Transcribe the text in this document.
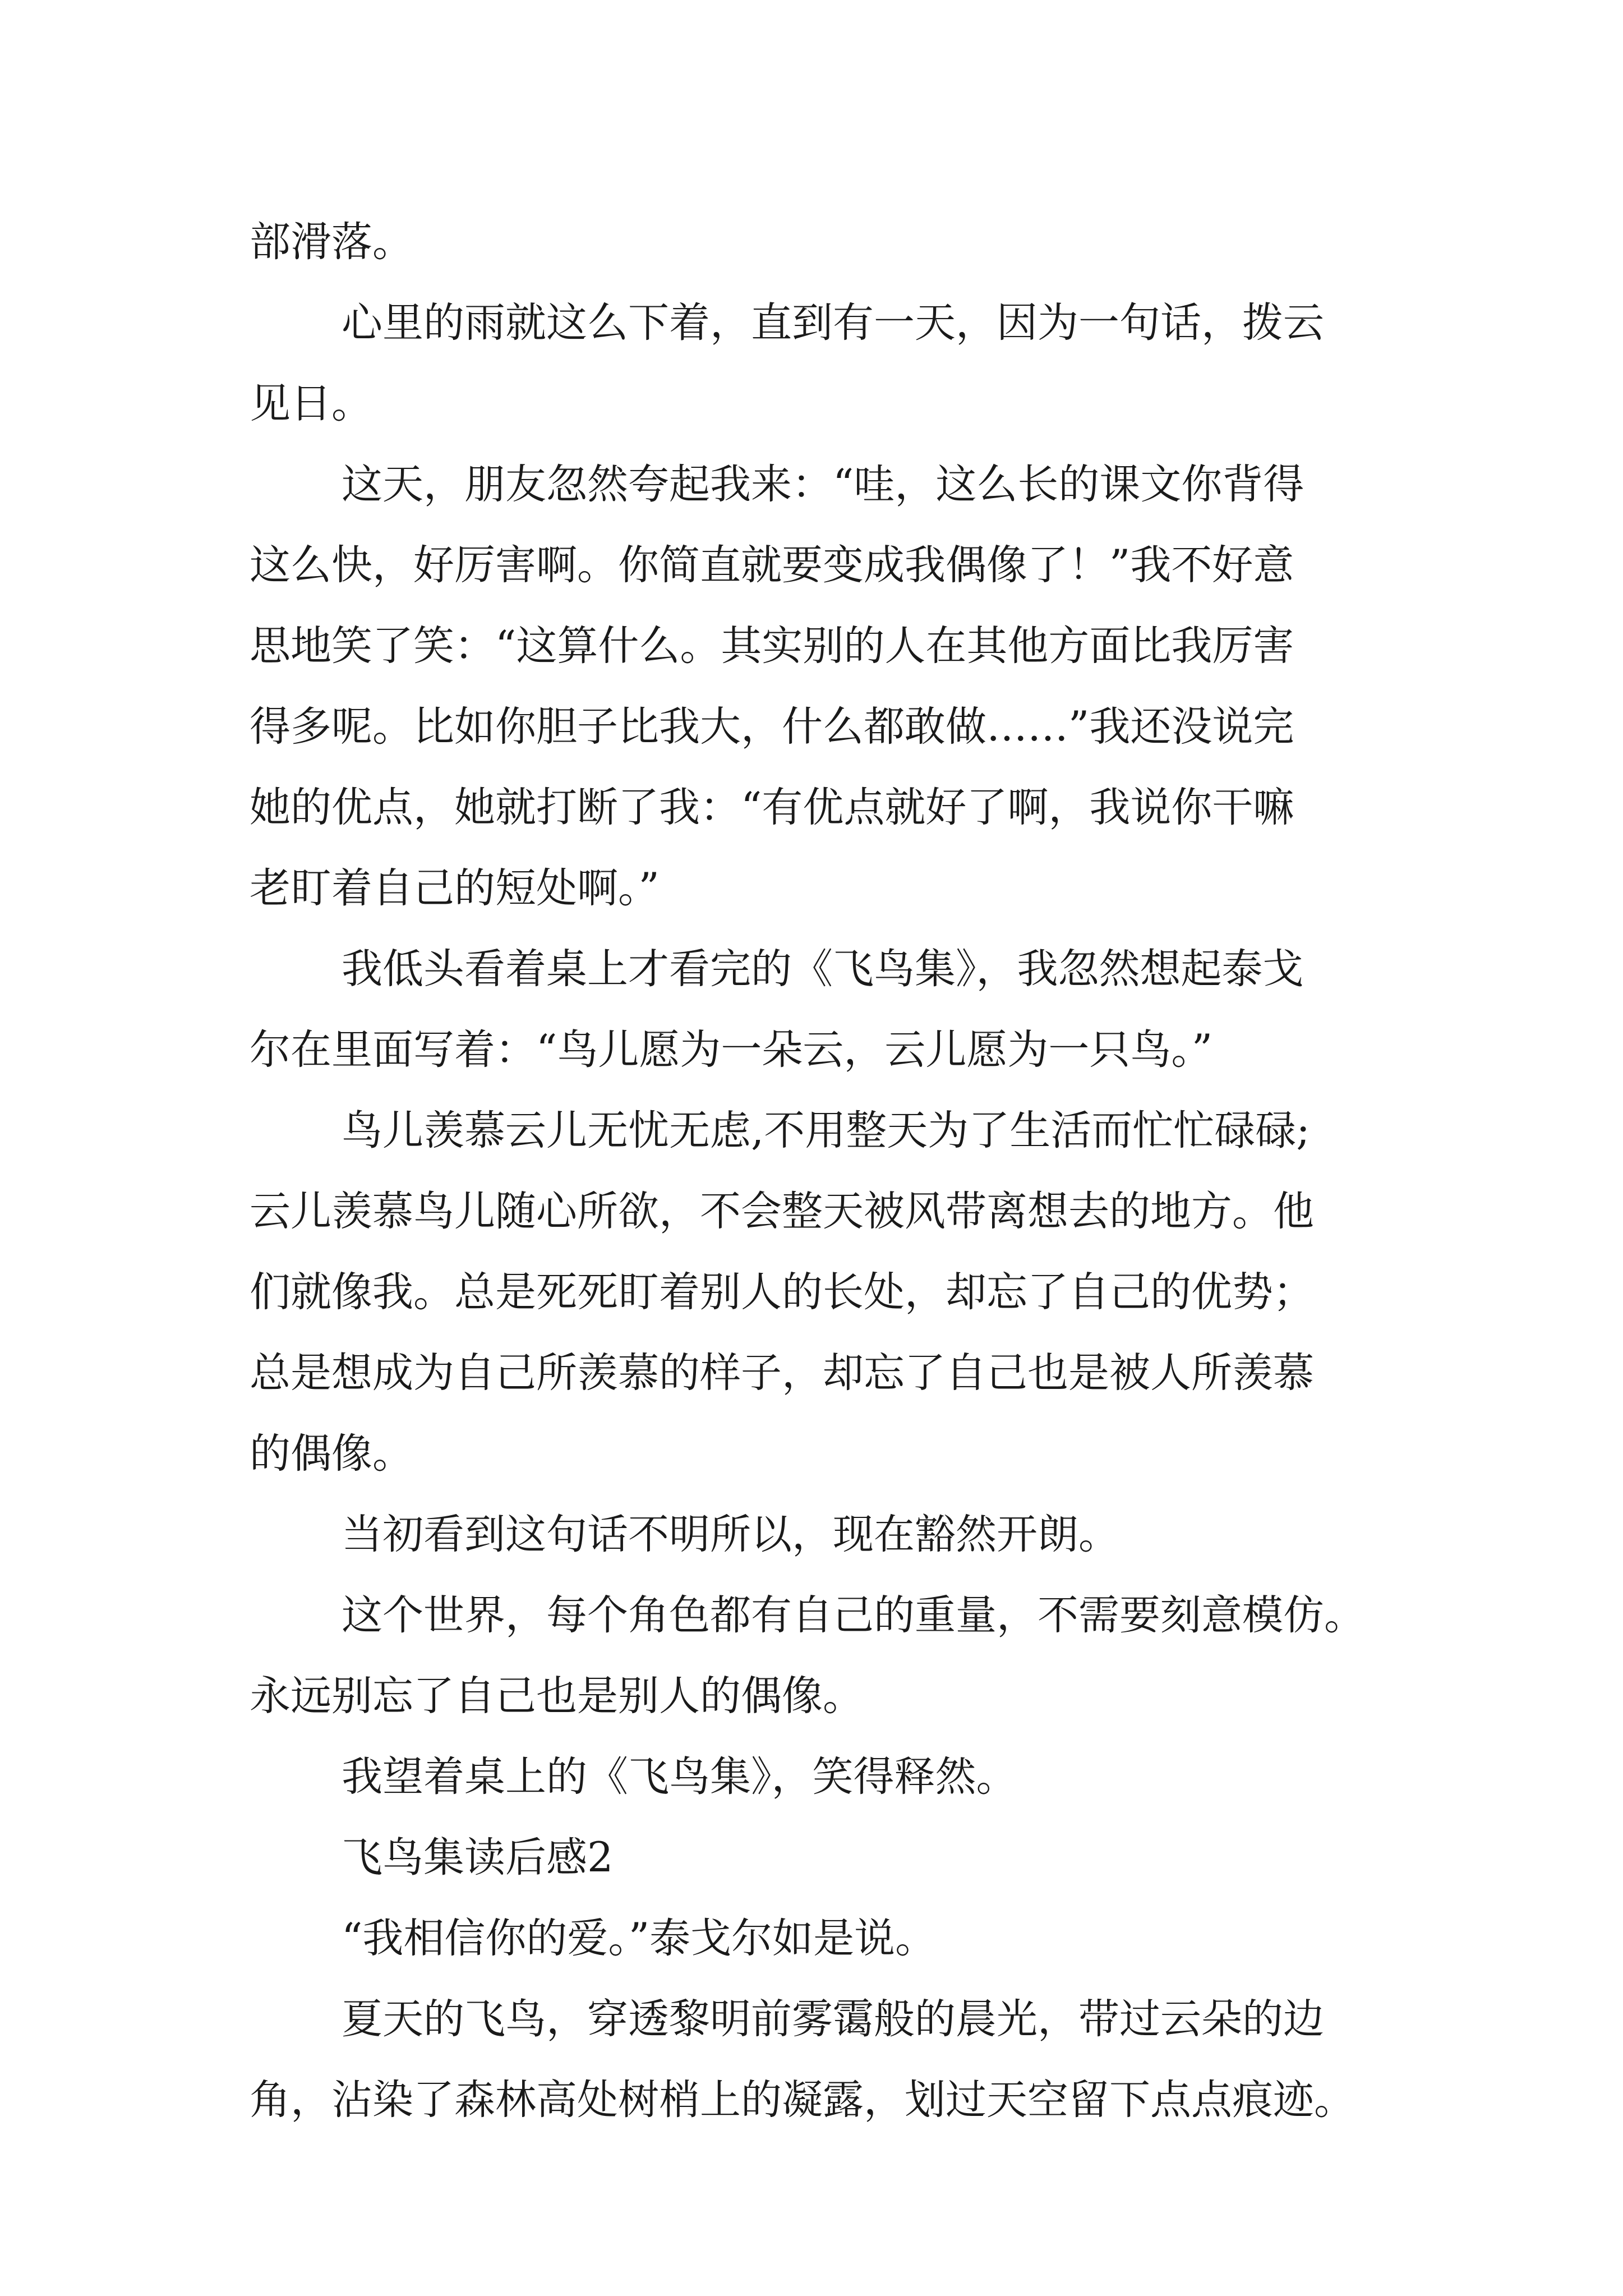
部滑落。

心里的雨就这么下着，直到有一天，因为一句话，拨云
见日。

这天，朋友忽然夸起我来：“哇，这么长的课文你背得
这么快，好厉害啊。你简直就要变成我偶像了！”我不好意
思地笑了笑：“这算什么。其实别的人在其他方面比我厉害
得多呢。比如你胆子比我大，什么都敢做……”我还没说完
她的优点，她就打断了我：“有优点就好了啊，我说你干嘛
老盯着自己的短处啊。”

我低头看着桌上才看完的《飞鸟集》，我忽然想起泰戈
尔在里面写着：“鸟儿愿为一朵云，云儿愿为一只鸟。”

鸟儿羡慕云儿无忧无虑,不用整天为了生活而忙忙碌碌;
云儿羡慕鸟儿随心所欲，不会整天被风带离想去的地方。他
们就像我。总是死死盯着别人的长处，却忘了自己的优势；
总是想成为自己所羡慕的样子，却忘了自己也是被人所羡慕
的偶像。

当初看到这句话不明所以，现在豁然开朗。

这个世界，每个角色都有自己的重量，不需要刻意模仿。
永远别忘了自己也是别人的偶像。

我望着桌上的《飞鸟集》，笑得释然。

飞鸟集读后感2

“我相信你的爱。”泰戈尔如是说。

夏天的飞鸟，穿透黎明前雾霭般的晨光，带过云朵的边
角，沾染了森林高处树梢上的凝露，划过天空留下点点痕迹。
